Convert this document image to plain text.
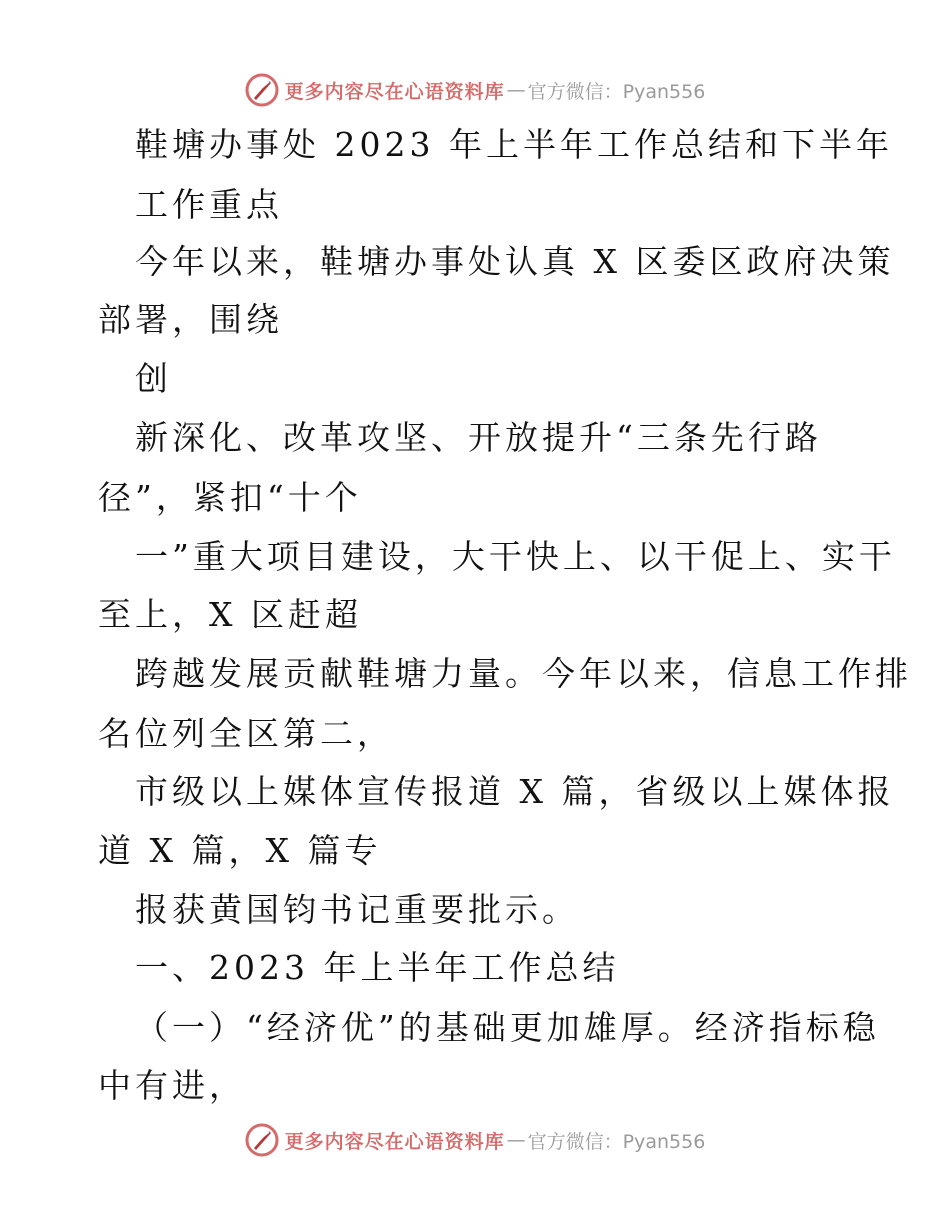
更多内容尽在心语资料库 — 官方微信：Pyan556
鞋塘办事处 2023 年上半年工作总结和下半年
工作重点
今年以来，鞋塘办事处认真 X 区委区政府决策
部署，围绕
创
新深化、改革攻坚、开放提升“三条先行路
径”，紧扣“十个
一”重大项目建设，大干快上、以干促上、实干
至上，X 区赶超
跨越发展贡献鞋塘力量。今年以来，信息工作排
名位列全区第二，
市级以上媒体宣传报道 X 篇，省级以上媒体报
道 X 篇，X 篇专
报获黄国钧书记重要批示。
一、2023 年上半年工作总结
（一）“经济优”的基础更加雄厚。经济指标稳
中有进，
更多内容尽在心语资料库 — 官方微信：Pyan556
